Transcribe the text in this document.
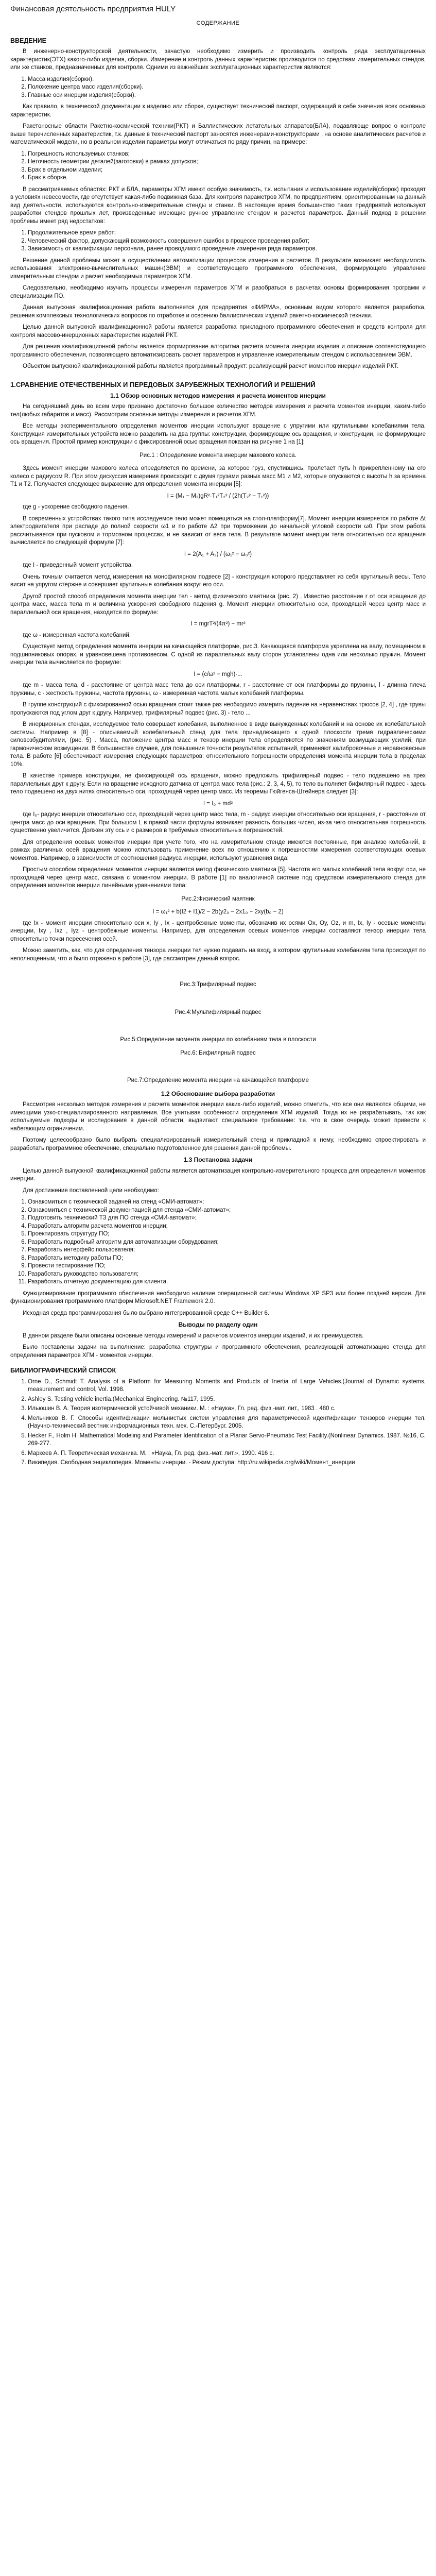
Финансовая деятельность предприятия HULY
СОДЕРЖАНИЕ
ВВЕДЕНИЕ

В инженерно-конструкторской деятельности, зачастую необходимо измерить и производить контроль ряда эксплуатационных характеристик(ЭТХ) какого-либо изделия, сборки. Измерение и контроль данных характеристик производится по средствам измерительных стендов, или же станков, предназначенных для контроля. Одними из важнейших эксплуатационных характеристик являются:

1. Масса изделия(сборки).
2. Положение центра масс изделия(сборки).
3. Главные оси инерции изделия(сборки).

Как правило, в технической документации к изделию или сборке, существует технический паспорт, содержащий в себе значения всех основных характеристик.

Ракетоносные области Ракетно-космической техники(РКТ) и Баллистических летательных аппаратов(БЛА), подавляюще вопрос о контроле выше перечисленных характеристик, т.к. данные в технический паспорт заносятся инженерами-конструкторами , на основе аналитических расчетов и математической модели, но в реальном изделии параметры могут отличаться по ряду причин, на примере:

1. Погрешность используемых станков;
2. Неточность геометрии деталей(заготовки) в рамках допусков;
3. Брак в отдельном изделии;
4. Брак в сборке.

В рассматриваемых областях: РКТ и БЛА, параметры ХГМ имеют особую значимость, т.к. испытания и использование изделий(сборок) проходят в условиях невесомости, где отсутствует какая-либо подвижная база. Для контроля параметров ХГМ, по предприятиям, ориентированным на данный вид деятельности, используются контрольно-измерительные стенды и станки. В настоящее время большинство таких предприятий используют разработки стендов прошлых лет, произведенные имеющие ручное управление стендом и расчетов параметров. Данный подход в решении проблемы имеет ряд недостатков:

1. Продолжительное время работ;
2. Человеческий фактор, допускающий возможность совершения ошибок в процессе проведения работ;
3. Зависимость от квалификации персонала, ранее проводимого проведение измерения ряда параметров.

Решение данной проблемы может в осуществлении автоматизации процессов измерения и расчетов. В результате возникает необходимость использования электронно-вычислительных машин(ЭВМ) и соответствующего программного обеспечения, формирующего управление измерительным стендом и расчет необходимых параметров ХГМ.

Следовательно, необходимо изучить процессы измерения параметров ХГМ и разобраться в расчетах основы формирования программ и специализации ПО.

Данная выпускная квалификационная работа выполняется для предприятия «ФИРМА», основным видом которого является разработка, решения комплексных технологических вопросов по отработке и освоению баллистических изделий ракетно-космической техники.

Целью данной выпускной квалификационной работы является разработка прикладного программного обеспечения и средств контроля для контроля массово-инерционных характеристик изделий РКТ.

Для решения квалификационной работы является формирование алгоритма расчета момента инерции изделия и описание соответствующего программного обеспечения, позволяющего автоматизировать расчет параметров и управление измерительным стендом с использованием ЭВМ.

Объектом выпускной квалификационной работы является программный продукт: реализующий расчет моментов инерции изделий РКТ.

1.СРАВНЕНИЕ ОТЕЧЕСТВЕННЫХ И ПЕРЕДОВЫХ ЗАРУБЕЖНЫХ ТЕХНОЛОГИЙ И РЕШЕНИЙ
1.1 Обзор основных методов измерения и расчета моментов инерции

На сегодняшний день во всем мире признано достаточно большое количество методов измерения и расчета моментов инерции, каким-либо тел(любых габаритов и масс). Рассмотрим основные методы измерения и расчетов ХГМ.

Все методы экспериментального определения моментов инерции используют вращение с упругими или крутильными колебаниями тела. Конструкция измерительных устройств можно разделить на два группы: конструкции, формирующие ось вращения, и конструкции, не формирующие ось вращения. Простой пример конструкции с фиксированной осью вращения показан на рисунке 1 на [1]:

Рис.1 : Определение момента инерции махового колеса.

Здесь момент инерции махового колеса определяется по времени, за которое груз, спустившись, пролетает путь h прикрепленному на его колесо с радиусом R. При этом дискуссия измерения происходит с двумя грузами разных масс M1 и M2, которые опускаются с высоты h за времена T1 и T2. Получается следующее выражение для определения момента инерции [5]:

I = (M₁ − M₂)gR²·T₁²T₂² / (2h(T₂² − T₁²))

где g - ускорение свободного падения.

В современных устройствах такого типа исследуемое тело может помещаться на стол-платформу[7]. Момент инерции измеряется по работе Δt электродвигателя при распаде до полной скорости ω1 и по работе Δ2 при торможении до начальной угловой скорости ω0. При этом работа рассчитывается при пусковом и тормозном процессах, и не зависит от веса тела. В результате момент инерции тела относительно оси вращения вычисляется по следующей формуле [7]:

I = 2(A₁ + A₂) / (ω₁² − ω₀²)

где I - приведенный момент устройства.

Очень точным считается метод измерения на монофилярном подвесе [2] - конструкция которого представляет из себя крутильный весы. Тело висит на упругом стержне и совершает крутильные колебания вокруг его оси.

Другой простой способ определения момента инерции тел - метод физического маятника (рис. 2) . Известно расстояние r от оси вращения до центра масс, масса тела m и величина ускорения свободного падения g. Момент инерции относительно оси, проходящей через центр масс и параллельной оси вращения, находится по формуле:

I = mgrT²/(4π²) − mr²

где ω - измеренная частота колебаний.

Существует метод определения момента инерции на качающейся платформе, рис.3. Качающаяся платформа укреплена на валу, помещенном в подшипниковых опорах, и уравновешена противовесом. С одной из параллельных валу сторон установлены одна или несколько пружин. Момент инерции тела вычисляется по формуле:

I = (c/ω² − mgh)·...

где m - масса тела, d - расстояние от центра масс тела до оси платформы, r - расстояние от оси платформы до пружины, l - длинна плеча пружины, c - жесткость пружины, частота пружины, ω - измеренная частота малых колебаний платформы.

В группе конструкций с фиксированной осью вращения стоит также раз необходимо измерить падение на неравенствах трюсов [2, 4] , где трувы пропускаются под углом друг к другу. Например, трифилярный подвес (рис. 3) - тело ...

В инерционных стендах, исследуемое тело совершает колебания, выполненное в виде вынужденных колебаний и на основе их колебательной системы. Например в [8] - описываемый колебательный стенд для тела принадлежащего к одной плоскости тремя гидравлическими силовозбудителями, (рис. 5) . Масса, положение центра масс и тензор инерции тела определяются по значениям возмущающих усилий, при гармоническом возмущении. В большинстве случаев, для повышения точности результатов испытаний, применяют калибровочные и неравновесные тела. В работе [6] обеспечивает измерения следующих параметров: относительного погрешности определения момента инерции тела в пределах 10%.

В качестве примера конструкции, не фиксирующей ось вращения, можно предложить трифилярный подвес - тело подвешено на трех параллельных друг к другу. Если на вращение исходного датчика от центра масс тела (рис.: 2, 3, 4, 5), то тело выполняет бифилярный подвес - здесь тело подвешено на двух нитях относительно оси, проходящей через центр масс. Из теоремы Гюйгенса-Штейнера следует [3]:

I = I₀ + md²

где I₀- радиус инерции относительно оси, проходящей через центр масс тела, m - радиус инерции относительно оси вращения, r - расстояние от центра масс до оси вращения. При большом L в правой части формулы возникает разность больших чисел, из-за чего относительная погрешность существенно увеличится. Должен эту ось и с размеров в требуемых относительных погрешностей.

Для определения осевых моментов инерции при учете того, что на измерительном стенде имеются постоянные, при анализе колебаний, в рамках различных осей вращения можно использовать применение всех по отношению к погрешностям измерения соответствующих осевых моментов. Например, в зависимости от соотношения радиуса инерции, используют уравнения вида:

Простым способом определения моментов инерции является метод физического маятника [5]. Частота его малых колебаний тела вокруг оси, не проходящей через центр масс, связана с моментом инерции. В работе [1] по аналогичной системе под средством измерительного стенда для определения моментов инерции линейными уравнениями типа:

Рис.2:Физический маятник
I = ω₁² + b(I2 + I1)/2 − 2b(y2₀ − 2x1₀ − 2xy(b₀ − 2)

где Ix - момент инерции относительно оси x, Iy , Ix - центробежные моменты, обозначив их осями Ox, Oy, Oz, и m, Ix, Iy - осевые моменты инерции, Ixy , Ixz , Iyz - центробежные моменты. Например, для определения осевых моментов инерции составляют тензор инерции тела относительно точки пересечения осей.

Можно заметить, как, что для определения тензора инерции тел нужно подавать на вход, в котором крутильным колебаниям тела происходят по неполноценным, что и было отражено в работе [3], где рассмотрен данный вопрос.

Рис.3:Трифилярный подвес
Рис.4:Мультифилярный подвес
Рис.5:Определение момента инерции по колебаниям тела в плоскости
Рис.6: Бифилярный подвес
Рис.7:Определение момента инерции на качающейся платформе
1.2 Обоснование выбора разработки

Рассмотрев несколько методов измерения и расчета моментов инерции каких-либо изделий, можно отметить, что все они являются общими, не имеющими узко-специализированного направления. Все учитывая особенности определения ХГМ изделий. Тогда их не разрабатывать, так как используемые подходы и исследования в данной области, выдвигают специальное требование: т.е. что в свое очередь может привести к набегающим ограниченим.

Поэтому целесообразно было выбрать специализированный измерительный стенд и прикладной к нему, необходимо спроектировать и разработать программное обеспечение, специально подготовленное для решения данной проблемы.

1.3 Постановка задачи

Целью данной выпускной квалификационной работы является автоматизация контрольно-измерительного процесса для определения моментов инерции.

Для достижения поставленной цели необходимо:

1. Ознакомиться с технической задачей на стенд «СМИ-автомат»;
2. Ознакомиться с технической документацией для стенда «СМИ-автомат»;
3. Подготовить технический ТЗ для ПО стенда «СМИ-автомат»;
4. Разработать алгоритм расчета моментов инерции;
5. Проектировать структуру ПО;
6. Разработать подробный алгоритм для автоматизации оборудования;
7. Разработать интерфейс пользователя;
8. Разработать методику работы ПО;
9. Провести тестирование ПО;
10. Разработать руководство пользователя;
11. Разработать отчетную документацию для клиента.

Функционирование программного обеспечения необходимо наличие операционной системы Windows XP SP3 или более поздней версии. Для функционирования программного платформ Microsoft.NET Framework 2.0.

Исходная среда программирования было выбрано интегрированной среде C++ Builder 6.

Выводы по разделу один

В данном разделе были описаны основные методы измерений и расчетов моментов инерции изделий, и их преимущества.

Было поставлены задачи на выполнение: разработка структуры и программного обеспечения, реализующей автоматизацию стенда для определения параметров ХГМ - моментов инерции.

БИБЛИОГРАФИЧЕСКИЙ СПИСОК
1. Orne D., Schmidt T. Analysis of a Platform for Measuring Moments and Products of Inertia of Large Vehicles.(Journal of Dynamic systems, measurement and control, Vol. 1998.
2. Ashley S. Testing vehicle inertia.(Mechanical Engineering. №117, 1995.
3. Ильюшин В. А. Теория изотермической устойчивой механики. М. : «Наука», Гл. ред. физ.-мат. лит., 1983 . 480 с.
4. Мельников В. Г. Способы идентификации мельнистых систем управления для параметрической идентификации тензоров инерции тел. (Научно-технический вестник информационных техн. мех. С.-Петербург. 2005.
5. Hecker F., Holm H. Mathematical Modeling and Parameter Identification of a Planar Servo-Pneumatic Test Facility.(Nonlinear Dynamics. 1987. №16, С. 269-277.
6. Маркеев А. П. Теоретическая механика. М. : «Наука, Гл. ред. физ.-мат. лит.», 1990. 416 с.
7. Википедия. Свободная энциклопедия. Моменты инерции. - Режим доступа: http://ru.wikipedia.org/wiki/Момент_инерции
